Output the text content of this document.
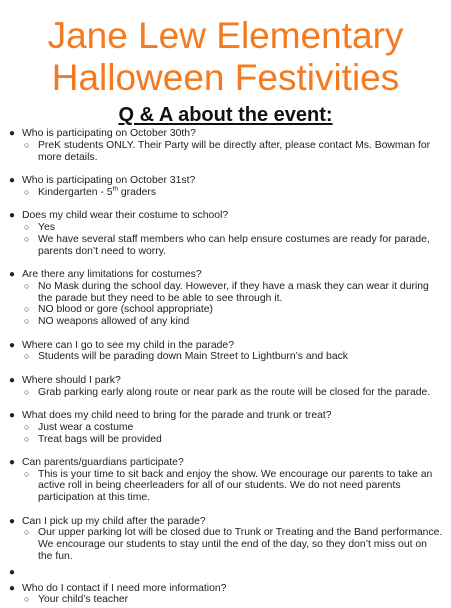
Jane Lew Elementary
Halloween Festivities
Q & A about the event:
● Who is participating on October 30th?
○ PreK students ONLY. Their Party will be directly after, please contact Ms. Bowman for more details.
● Who is participating on October 31st?
○ Kindergarten - 5th graders
● Does my child wear their costume to school?
○ Yes
○ We have several staff members who can help ensure costumes are ready for parade, parents don’t need to worry.
● Are there any limitations for costumes?
○ No Mask during the school day. However, if they have a mask they can wear it during the parade but they need to be able to see through it.
○ NO blood or gore (school appropriate)
○ NO weapons allowed of any kind
● Where can I go to see my child in the parade?
○ Students will be parading down Main Street to Lightburn’s and back
● Where should I park?
○ Grab parking early along route or near park as the route will be closed for the parade.
● What does my child need to bring for the parade and trunk or treat?
○ Just wear a costume
○ Treat bags will be provided
● Can parents/guardians participate?
○ This is your time to sit back and enjoy the show. We encourage our parents to take an active roll in being cheerleaders for all of our students. We do not need parents participation at this time.
● Can I pick up my child after the parade?
○ Our upper parking lot will be closed due to Trunk or Treating and the Band performance. We encourage our students to stay until the end of the day, so they don’t miss out on the fun.
●

● Who do I contact if I need more information?
○ Your child’s teacher
